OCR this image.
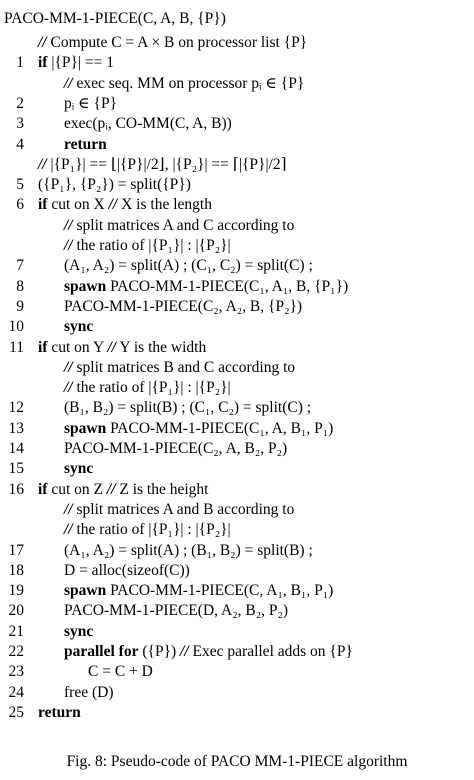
PACO-MM-1-PIECE(C, A, B, {P})
// Compute C = A × B on processor list {P}
1 if |{P}| == 1
// exec seq. MM on processor pᵢ ∈ {P}
2	pᵢ ∈ {P}
3	exec(pᵢ, CO-MM(C, A, B))
4	return
// |{P₁}| == ⌊|{P}|/2⌋, |{P₂}| == ⌈|{P}|/2⌉
5 ({P₁}, {P₂}) = split({P})
6 if cut on X // X is the length
// split matrices A and C according to
// the ratio of |{P₁}| : |{P₂}|
7	(A₁, A₂) = split(A) ; (C₁, C₂) = split(C) ;
8	spawn PACO-MM-1-PIECE(C₁, A₁, B, {P₁})
9	PACO-MM-1-PIECE(C₂, A₂, B, {P₂})
10	sync
11 if cut on Y // Y is the width
// split matrices B and C according to
// the ratio of |{P₁}| : |{P₂}|
12	(B₁, B₂) = split(B) ; (C₁, C₂) = split(C) ;
13	spawn PACO-MM-1-PIECE(C₁, A, B₁, P₁)
14	PACO-MM-1-PIECE(C₂, A, B₂, P₂)
15	sync
16 if cut on Z // Z is the height
// split matrices A and B according to
// the ratio of |{P₁}| : |{P₂}|
17	(A₁, A₂) = split(A) ; (B₁, B₂) = split(B) ;
18	D = alloc(sizeof(C))
19	spawn PACO-MM-1-PIECE(C, A₁, B₁, P₁)
20	PACO-MM-1-PIECE(D, A₂, B₂, P₂)
21	sync
22	parallel for ({P}) // Exec parallel adds on {P}
23	C = C + D
24	free (D)
25 return
Fig. 8: Pseudo-code of PACO MM-1-PIECE algorithm
